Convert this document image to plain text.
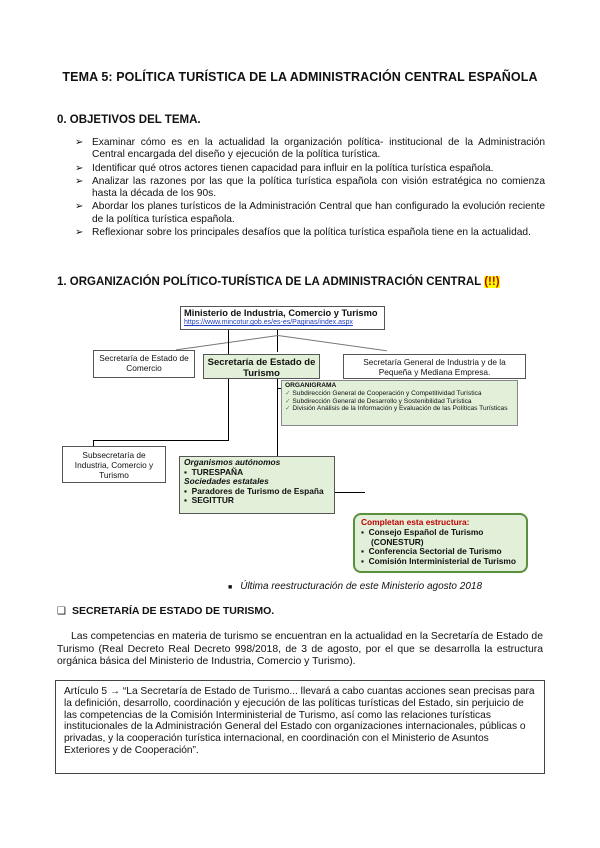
TEMA 5: POLÍTICA TURÍSTICA DE LA ADMINISTRACIÓN CENTRAL ESPAÑOLA
0. OBJETIVOS DEL TEMA.
➢ Examinar cómo es en la actualidad la organización política- institucional de la Administración Central encargada del diseño y ejecución de la política turística.
➢ Identificar qué otros actores tienen capacidad para influir en la política turística española.
➢ Analizar las razones por las que la política turística española con visión estratégica no comienza hasta la década de los 90s.
➢ Abordar los planes turísticos de la Administración Central que han configurado la evolución reciente de la política turística española.
➢ Reflexionar sobre los principales desafíos que la política turística española tiene en la actualidad.
1. ORGANIZACIÓN POLÍTICO-TURÍSTICA DE LA ADMINISTRACIÓN CENTRAL (!!)
Ministerio de Industria, Comercio y Turismo
https://www.mincotur.gob.es/es-es/Paginas/index.aspx
Secretaría de Estado de Comercio	Secretaría de Estado de Turismo
Secretaría General de Industria y de la Pequeña y Mediana Empresa.
ORGANIGRAMA
✓ Subdirección General de Cooperación y Competitividad Turística
✓ Subdirección General de Desarrollo y Sostenibilidad Turística
✓ División Análisis de la Información y Evaluación de las Políticas Turísticas
Subsecretaría de Industria, Comercio y Turismo
Organismos autónomos
▪  TURESPAÑA
Sociedades estatales
▪  Paradores de Turismo de España
▪  SEGITTUR
Completan esta estructura:
▪  Consejo Español de Turismo (CONESTUR)
▪  Conferencia Sectorial de Turismo
▪  Comisión Interministerial de Turismo
■ Última reestructuración de este Ministerio agosto 2018
❑ SECRETARÍA DE ESTADO DE TURISMO.
Las competencias en materia de turismo se encuentran en la actualidad en la Secretaría de Estado de Turismo (Real Decreto Real Decreto 998/2018, de 3 de agosto, por el que se desarrolla la estructura orgánica básica del Ministerio de Industria, Comercio y Turismo).
Artículo 5 → “La Secretaría de Estado de Turismo... llevará a cabo cuantas acciones sean precisas para la definición, desarrollo, coordinación y ejecución de las políticas turísticas del Estado, sin perjuicio de las competencias de la Comisión Interministerial de Turismo, así como las relaciones turísticas institucionales de la Administración General del Estado con organizaciones internacionales, públicas o privadas, y la cooperación turística internacional, en coordinación con el Ministerio de Asuntos Exteriores y de Cooperación”.
